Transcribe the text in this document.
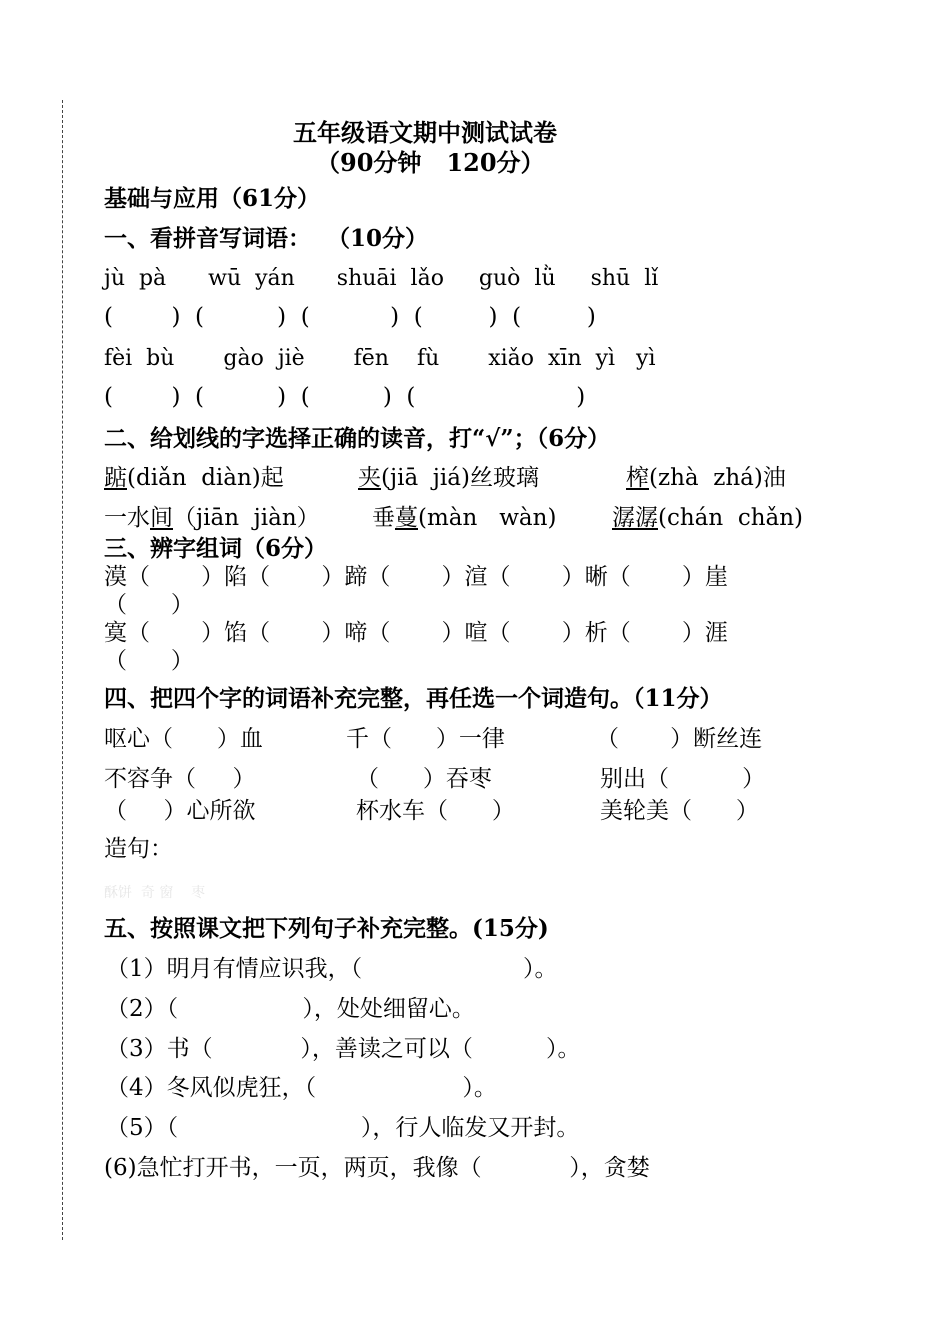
五年级语文期中测试试卷
（90分钟   120分）
基础与应用（61分）
一、看拼音写词语：  （10分）
jù  pà      wū  yán      shuāi  lǎo     guò  lǜ     shū  lǐ
(        )  (          )  (           )  (         )  (         )
fèi  bù       gào  jiè       fēn    fù       xiǎo  xīn  yì   yì
(        )  (          )  (          )  (                      )
二、给划线的字选择正确的读音，打“√”；（6分）
踮(diǎn  diàn)起	夹(jiā  jiá)丝玻璃	榨(zhà  zhá)油
一水间（jiān  jiàn） 垂蔓(màn   wàn) 潺潺(chán  chǎn)
三、辨字组词（6分）
漠（       ）陷（       ）蹄（       ）渲（       ）晰（       ）崖
（      ）
寞（       ）馅（       ）啼（       ）喧（       ）析（       ）涯
（      ）
四、把四个字的词语补充完整，再任选一个词造句。（11分）
呕心（      ）血	千（      ）一律	（       ）断丝连
不容争（     ）	（      ）吞枣	别出（          ）
（     ）心所欲	杯水车（      ）	美轮美（      ）
造句：
酥饼  奇 窗    枣
五、按照课文把下列句子补充完整。(15分)
（1）明月有情应识我，（                      ）。
（2）（                 ），处处细留心。
（3）书（            ），善读之可以（          ）。
（4）冬风似虎狂，（                    ）。
（5）（                         ），行人临发又开封。
(6)急忙打开书，一页，两页，我像（            ），贪婪
